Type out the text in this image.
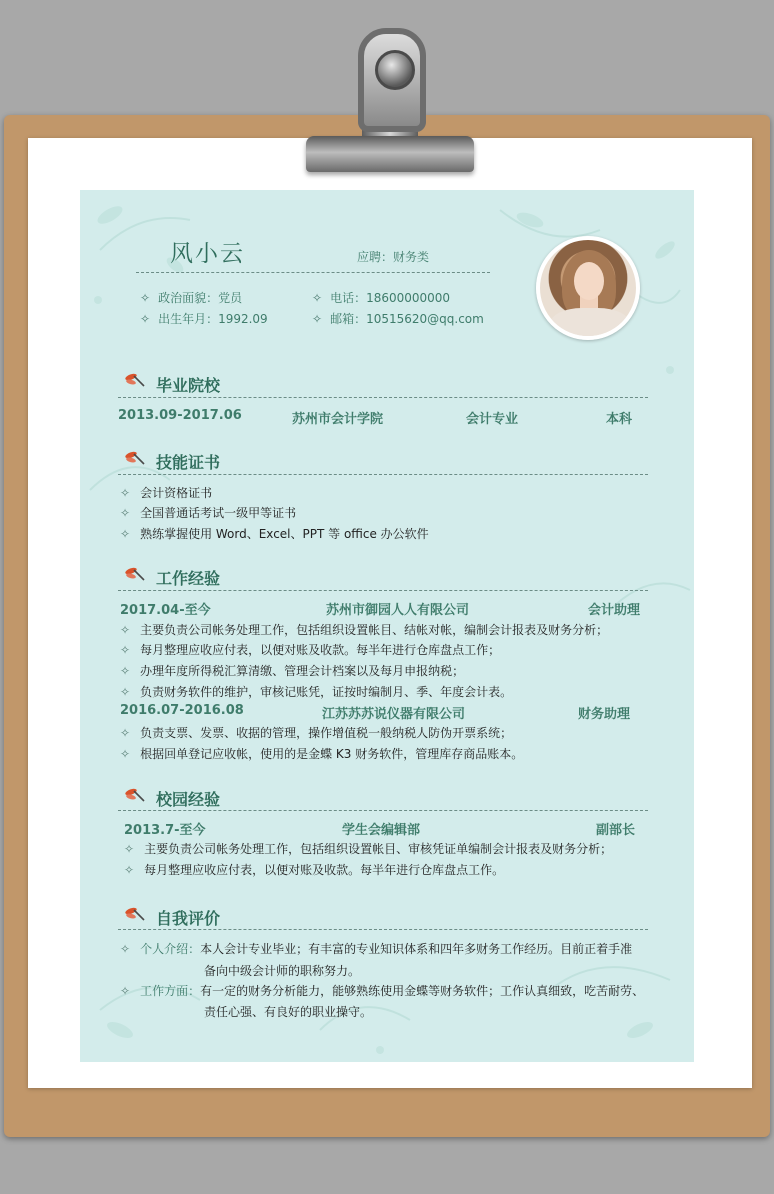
风小云	应聘：财务类
✧ 政治面貌：党员	✧ 电话：18600000000
✧ 出生年月：1992.09	✧ 邮箱：10515620@qq.com
毕业院校
2013.09-2017.06	苏州市会计学院	会计专业	本科
技能证书
✧ 会计资格证书
✧ 全国普通话考试一级甲等证书
✧ 熟练掌握使用 Word、Excel、PPT 等 office 办公软件
工作经验
2017.04-至今	苏州市御园人人有限公司	会计助理
✧ 主要负责公司帐务处理工作，包括组织设置帐目、结帐对帐，编制会计报表及财务分析；
✧ 每月整理应收应付表，以便对账及收款。每半年进行仓库盘点工作；
✧ 办理年度所得税汇算清缴、管理会计档案以及每月申报纳税；
✧ 负责财务软件的维护，审核记账凭，证按时编制月、季、年度会计表。
2016.07-2016.08	江苏苏苏说仪器有限公司	财务助理
✧ 负责支票、发票、收据的管理，操作增值税一般纳税人防伪开票系统；
✧ 根据回单登记应收帐，使用的是金蝶 K3 财务软件，管理库存商品账本。
校园经验
2013.7-至今	学生会编辑部	副部长
✧ 主要负责公司帐务处理工作，包括组织设置帐目、审核凭证单编制会计报表及财务分析；
✧ 每月整理应收应付表，以便对账及收款。每半年进行仓库盘点工作。
自我评价
✧ 个人介绍：本人会计专业毕业；有丰富的专业知识体系和四年多财务工作经历。目前正着手准
备向中级会计师的职称努力。
✧ 工作方面：有一定的财务分析能力，能够熟练使用金蝶等财务软件；工作认真细致，吃苦耐劳、
责任心强、有良好的职业操守。
